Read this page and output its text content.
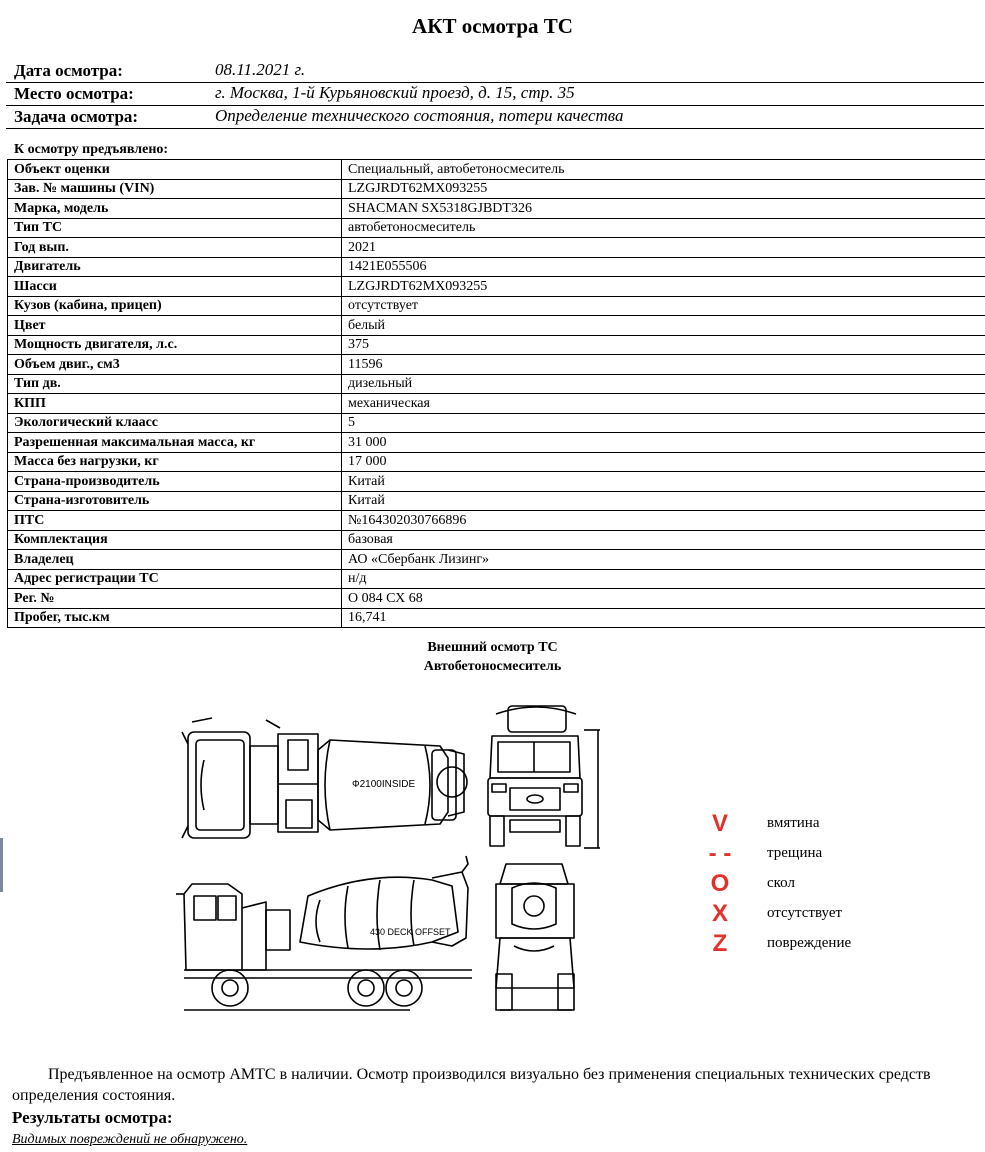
АКТ осмотра ТС
Дата осмотра:	08.11.2021 г.
Место осмотра:	г. Москва, 1-й Курьяновский проезд, д. 15, стр. 35
Задача осмотра:	Определение технического состояния, потери качества
К осмотру предъявлено:
Объект оценки	Специальный, автобетоносмеситель
Зав. № машины (VIN)	LZGJRDT62MX093255
Марка, модель	SHACMAN SX5318GJBDT326
Тип ТС	автобетоносмеситель
Год вып.	2021
Двигатель	1421E055506
Шасси	LZGJRDT62MX093255
Кузов (кабина, прицеп)	отсутствует
Цвет	белый
Мощность двигателя, л.с.	375
Объем двиг., см3	11596
Тип дв.	дизельный
КПП	механическая
Экологический клаасс	5
Разрешенная максимальная масса, кг	31 000
Масса без нагрузки, кг	17 000
Страна-производитель	Китай
Страна-изготовитель	Китай
ПТС	№164302030766896
Комплектация	базовая
Владелец	АО «Сбербанк Лизинг»
Адрес регистрации ТС	н/д
Рег. №	О 084 СХ 68
Пробег, тыс.км	16,741
Внешний осмотр ТС
Автобетоносмеситель
Ф2100INSIDE
430 DECK OFFSET
V	вмятина
- - трещина
O	скол
X	отсутствует
Z	повреждение
Предъявленное на осмотр АМТС в наличии. Осмотр производился визуально без применения специальных технических средств определения состояния.
Результаты осмотра:
Видимых повреждений не обнаружено.
